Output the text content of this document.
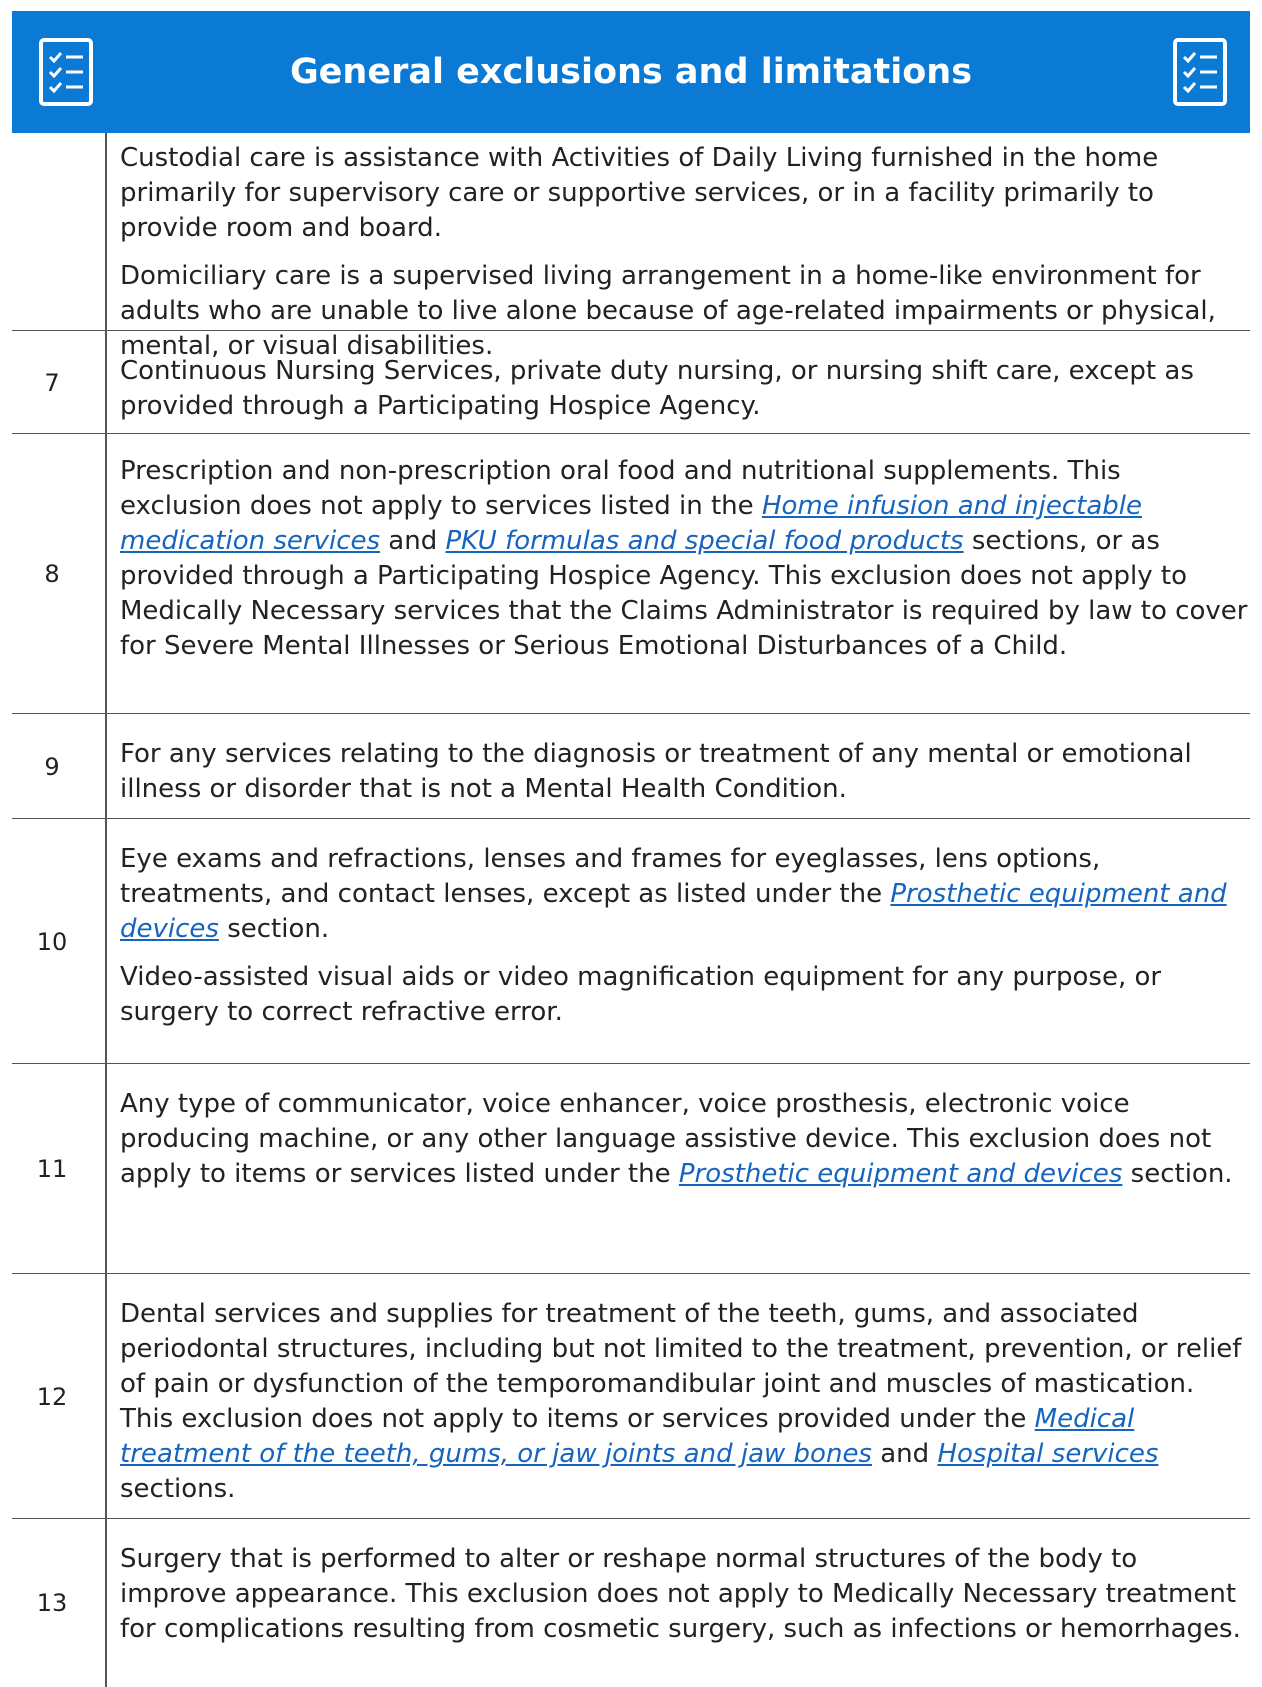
General exclusions and limitations

Custodial care is assistance with Activities of Daily Living furnished in the home primarily for supervisory care or supportive services, or in a facility primarily to provide room and board.

Domiciliary care is a supervised living arrangement in a home-like environment for adults who are unable to live alone because of age-related impairments or physical, mental, or visual disabilities.

7	Continuous Nursing Services, private duty nursing, or nursing shift care, except as provided through a Participating Hospice Agency.

8

Prescription and non-prescription oral food and nutritional supplements. This exclusion does not apply to services listed in the Home infusion and injectable medication services and PKU formulas and special food products sections, or as provided through a Participating Hospice Agency. This exclusion does not apply to Medically Necessary services that the Claims Administrator is required by law to cover for Severe Mental Illnesses or Serious Emotional Disturbances of a Child.

9	For any services relating to the diagnosis or treatment of any mental or emotional illness or disorder that is not a Mental Health Condition.

10

Eye exams and refractions, lenses and frames for eyeglasses, lens options, treatments, and contact lenses, except as listed under the Prosthetic equipment and devices section.

Video-assisted visual aids or video magnification equipment for any purpose, or surgery to correct refractive error.

11

Any type of communicator, voice enhancer, voice prosthesis, electronic voice producing machine, or any other language assistive device. This exclusion does not apply to items or services listed under the Prosthetic equipment and devices section.

12

Dental services and supplies for treatment of the teeth, gums, and associated periodontal structures, including but not limited to the treatment, prevention, or relief of pain or dysfunction of the temporomandibular joint and muscles of mastication. This exclusion does not apply to items or services provided under the Medical treatment of the teeth, gums, or jaw joints and jaw bones and Hospital services sections.

13

Surgery that is performed to alter or reshape normal structures of the body to improve appearance. This exclusion does not apply to Medically Necessary treatment for complications resulting from cosmetic surgery, such as infections or hemorrhages.
